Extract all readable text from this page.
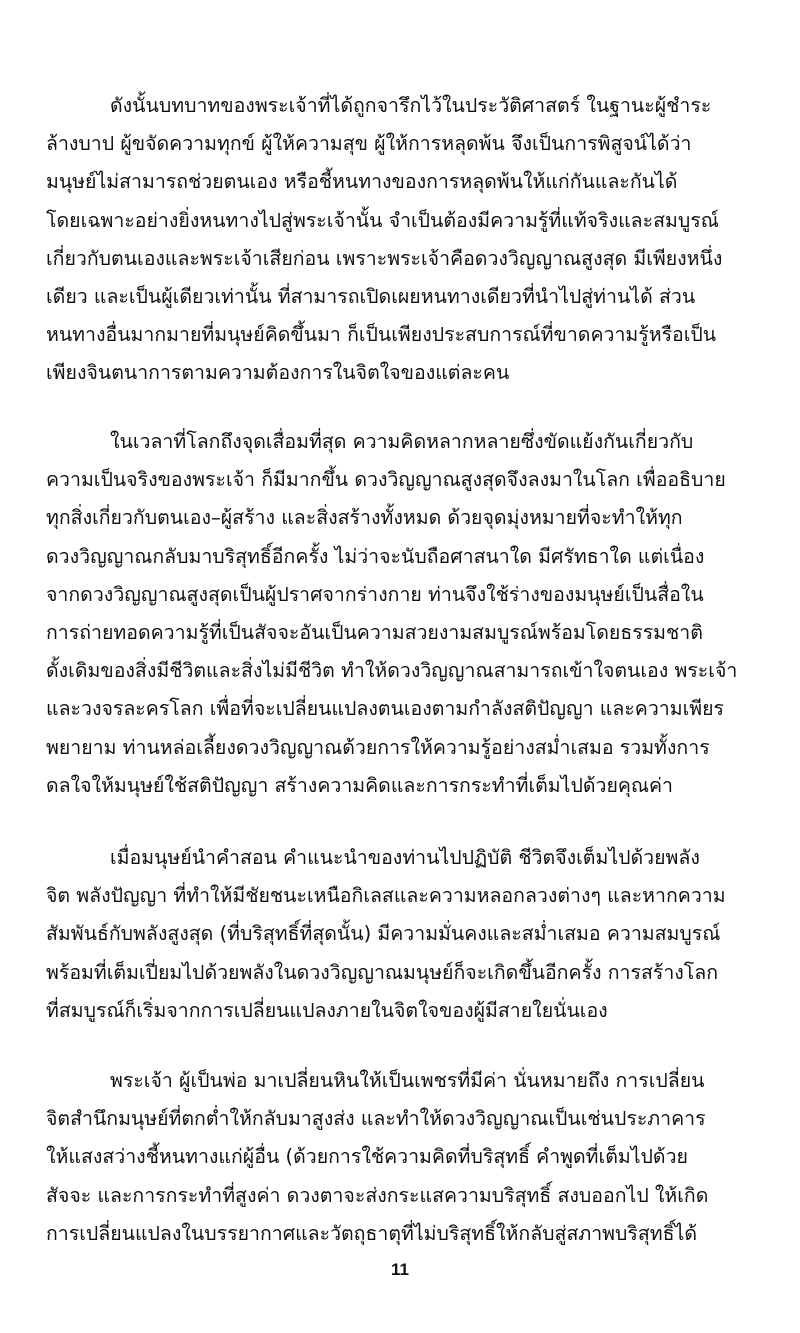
ดังนั้นบทบาทของพระเจ้าที่ได้ถูกจารึกไว้ในประวัติศาสตร์ ในฐานะผู้ชำระ
ล้างบาป ผู้ขจัดความทุกข์ ผู้ให้ความสุข ผู้ให้การหลุดพ้น จึงเป็นการพิสูจน์ได้ว่า
มนุษย์ไม่สามารถช่วยตนเอง หรือชี้หนทางของการหลุดพ้นให้แก่กันและกันได้
โดยเฉพาะอย่างยิ่งหนทางไปสู่พระเจ้านั้น จำเป็นต้องมีความรู้ที่แท้จริงและสมบูรณ์
เกี่ยวกับตนเองและพระเจ้าเสียก่อน เพราะพระเจ้าคือดวงวิญญาณสูงสุด มีเพียงหนึ่ง
เดียว และเป็นผู้เดียวเท่านั้น ที่สามารถเปิดเผยหนทางเดียวที่นำไปสู่ท่านได้ ส่วน
หนทางอื่นมากมายที่มนุษย์คิดขึ้นมา ก็เป็นเพียงประสบการณ์ที่ขาดความรู้หรือเป็น
เพียงจินตนาการตามความต้องการในจิตใจของแต่ละคน
ในเวลาที่โลกถึงจุดเสื่อมที่สุด ความคิดหลากหลายซึ่งขัดแย้งกันเกี่ยวกับ
ความเป็นจริงของพระเจ้า ก็มีมากขึ้น ดวงวิญญาณสูงสุดจึงลงมาในโลก เพื่ออธิบาย
ทุกสิ่งเกี่ยวกับตนเอง–ผู้สร้าง และสิ่งสร้างทั้งหมด ด้วยจุดมุ่งหมายที่จะทำให้ทุก
ดวงวิญญาณกลับมาบริสุทธิ์อีกครั้ง ไม่ว่าจะนับถือศาสนาใด มีศรัทธาใด แต่เนื่อง
จากดวงวิญญาณสูงสุดเป็นผู้ปราศจากร่างกาย ท่านจึงใช้ร่างของมนุษย์เป็นสื่อใน
การถ่ายทอดความรู้ที่เป็นสัจจะอันเป็นความสวยงามสมบูรณ์พร้อมโดยธรรมชาติ
ดั้งเดิมของสิ่งมีชีวิตและสิ่งไม่มีชีวิต ทำให้ดวงวิญญาณสามารถเข้าใจตนเอง พระเจ้า
และวงจรละครโลก เพื่อที่จะเปลี่ยนแปลงตนเองตามกำลังสติปัญญา และความเพียร
พยายาม ท่านหล่อเลี้ยงดวงวิญญาณด้วยการให้ความรู้อย่างสม่ำเสมอ รวมทั้งการ
ดลใจให้มนุษย์ใช้สติปัญญา สร้างความคิดและการกระทำที่เต็มไปด้วยคุณค่า
เมื่อมนุษย์นำคำสอน คำแนะนำของท่านไปปฏิบัติ ชีวิตจึงเต็มไปด้วยพลัง
จิต พลังปัญญา ที่ทำให้มีชัยชนะเหนือกิเลสและความหลอกลวงต่างๆ และหากความ
สัมพันธ์กับพลังสูงสุด (ที่บริสุทธิ์ที่สุดนั้น) มีความมั่นคงและสม่ำเสมอ ความสมบูรณ์
พร้อมที่เต็มเปี่ยมไปด้วยพลังในดวงวิญญาณมนุษย์ก็จะเกิดขึ้นอีกครั้ง การสร้างโลก
ที่สมบูรณ์ก็เริ่มจากการเปลี่ยนแปลงภายในจิตใจของผู้มีสายใยนั่นเอง
พระเจ้า ผู้เป็นพ่อ มาเปลี่ยนหินให้เป็นเพชรที่มีค่า นั่นหมายถึง การเปลี่ยน
จิตสำนึกมนุษย์ที่ตกต่ำให้กลับมาสูงส่ง และทำให้ดวงวิญญาณเป็นเช่นประภาคาร
ให้แสงสว่างชี้หนทางแก่ผู้อื่น (ด้วยการใช้ความคิดที่บริสุทธิ์ คำพูดที่เต็มไปด้วย
สัจจะ และการกระทำที่สูงค่า ดวงตาจะส่งกระแสความบริสุทธิ์ สงบออกไป ให้เกิด
การเปลี่ยนแปลงในบรรยากาศและวัตถุธาตุที่ไม่บริสุทธิ์ให้กลับสู่สภาพบริสุทธิ์ได้
11
